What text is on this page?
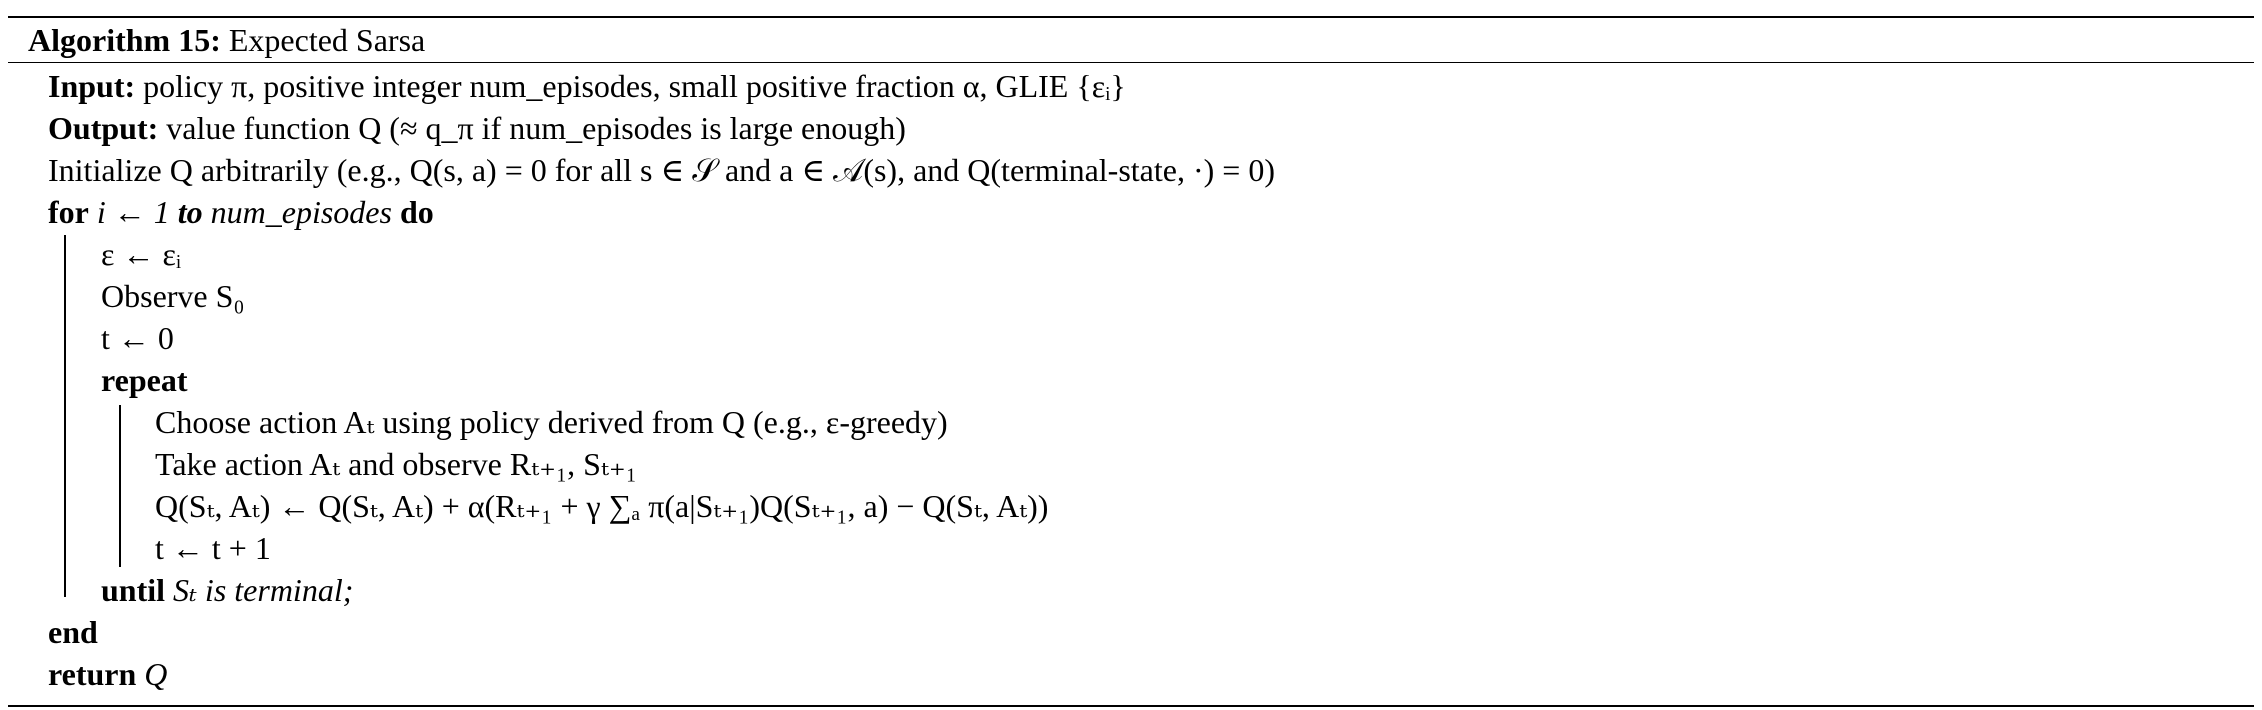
Algorithm 15: Expected Sarsa
Input: policy π, positive integer num_episodes, small positive fraction α, GLIE {εᵢ}
Output: value function Q (≈ q_π if num_episodes is large enough)
Initialize Q arbitrarily (e.g., Q(s, a) = 0 for all s ∈ 𝒮 and a ∈ 𝒜(s), and Q(terminal-state, ·) = 0)
for i ← 1 to num_episodes do
ε ← εᵢ
Observe S₀
t ← 0
repeat
Choose action Aₜ using policy derived from Q (e.g., ε-greedy)
Take action Aₜ and observe Rₜ₊₁, Sₜ₊₁
Q(Sₜ, Aₜ) ← Q(Sₜ, Aₜ) + α(Rₜ₊₁ + γ ∑ₐ π(a|Sₜ₊₁)Q(Sₜ₊₁, a) − Q(Sₜ, Aₜ))
t ← t + 1
until Sₜ is terminal;
end
return Q
